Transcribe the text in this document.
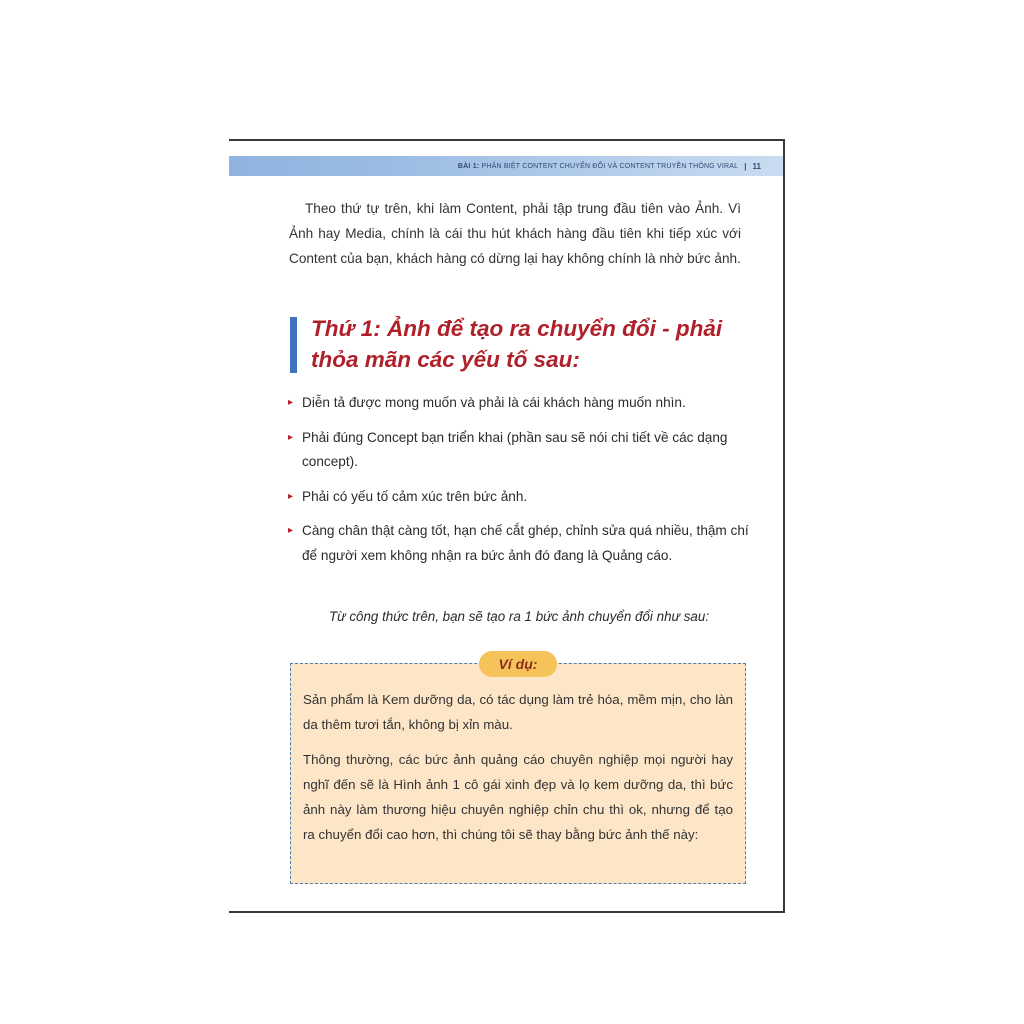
BÀI 1: PHÂN BIỆT CONTENT CHUYỂN ĐỔI VÀ CONTENT TRUYỀN THÔNG VIRAL | 11
Theo thứ tự trên, khi làm Content, phải tập trung đầu tiên vào Ảnh. Vì Ảnh hay Media, chính là cái thu hút khách hàng đầu tiên khi tiếp xúc với Content của bạn, khách hàng có dừng lại hay không chính là nhờ bức ảnh.
Thứ 1: Ảnh để tạo ra chuyển đổi - phải thỏa mãn các yếu tố sau:
▸ Diễn tả được mong muốn và phải là cái khách hàng muốn nhìn.
▸ Phải đúng Concept bạn triển khai (phần sau sẽ nói chi tiết về các dạng concept).
▸ Phải có yếu tố cảm xúc trên bức ảnh.
▸ Càng chân thật càng tốt, hạn chế cắt ghép, chỉnh sửa quá nhiều, thậm chí để người xem không nhận ra bức ảnh đó đang là Quảng cáo.
Từ công thức trên, bạn sẽ tạo ra 1 bức ảnh chuyển đổi như sau:
Ví dụ:

Sản phẩm là Kem dưỡng da, có tác dụng làm trẻ hóa, mềm mịn, cho làn da thêm tươi tắn, không bị xỉn màu.

Thông thường, các bức ảnh quảng cáo chuyên nghiệp mọi người hay nghĩ đến sẽ là Hình ảnh 1 cô gái xinh đẹp và lọ kem dưỡng da, thì bức ảnh này làm thương hiệu chuyên nghiệp chỉn chu thì ok, nhưng để tạo ra chuyển đổi cao hơn, thì chúng tôi sẽ thay bằng bức ảnh thế này:
